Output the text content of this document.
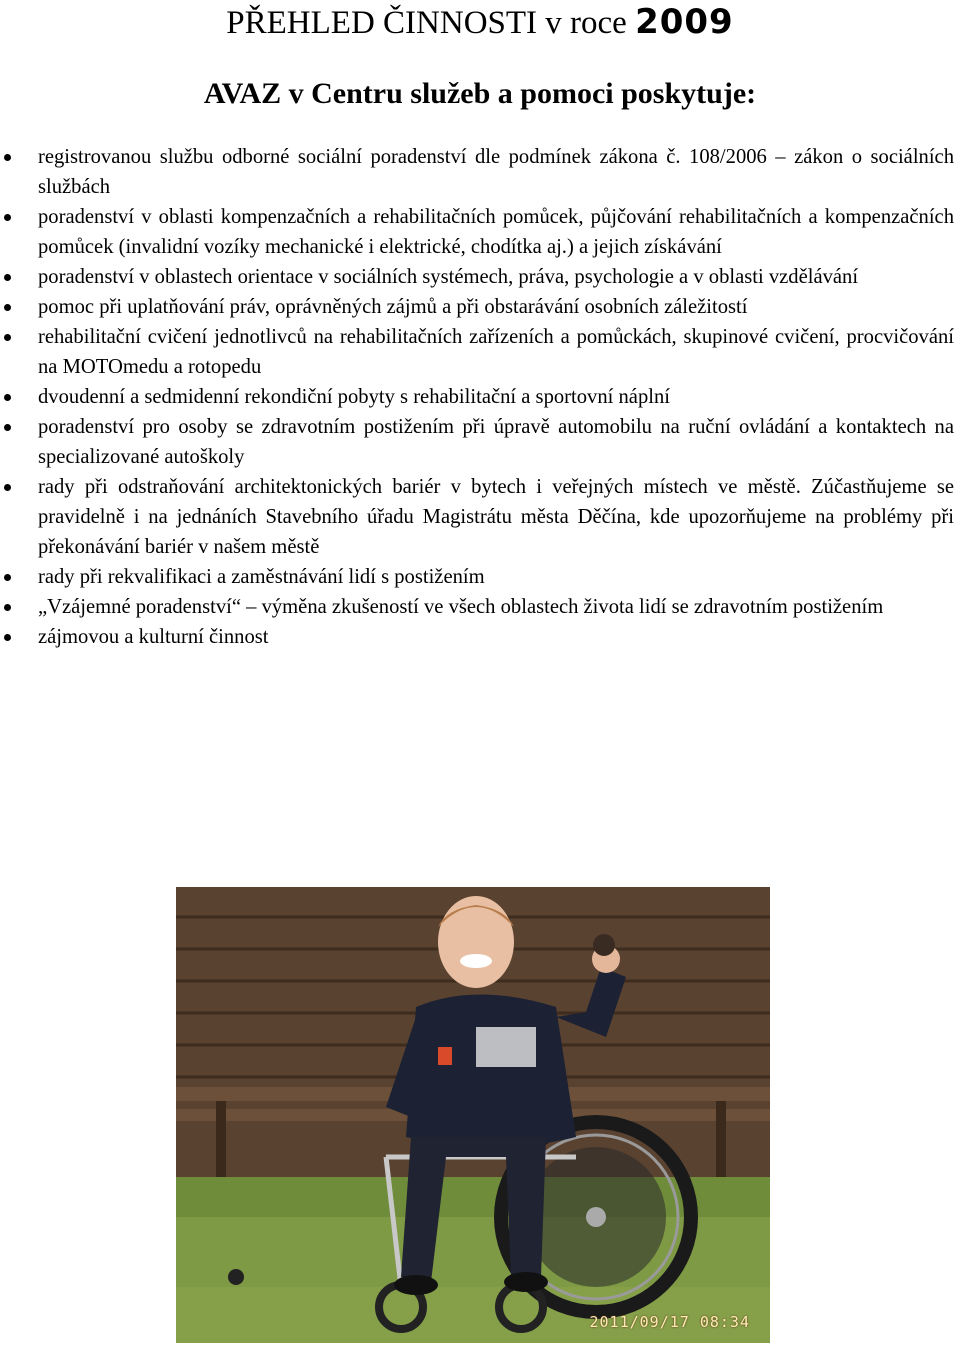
PŘEHLED ČINNOSTI v roce 2009
AVAZ v Centru služeb a pomoci poskytuje:
registrovanou službu odborné sociální poradenství dle podmínek zákona č. 108/2006 – zákon o sociálních službách
poradenství v oblasti kompenzačních a rehabilitačních pomůcek, půjčování rehabilitačních a kompenzačních pomůcek (invalidní vozíky mechanické i elektrické, chodítka aj.) a jejich získávání
poradenství v oblastech orientace v sociálních systémech, práva, psychologie a v oblasti vzdělávání
pomoc při uplatňování práv, oprávněných zájmů a při obstarávání osobních záležitostí
rehabilitační cvičení jednotlivců na rehabilitačních zařízeních a pomůckách, skupinové cvičení, procvičování na MOTOmedu a rotopedu
dvoudenní a sedmidenní rekondiční pobyty s rehabilitační a sportovní náplní
poradenství pro osoby se zdravotním postižením při úpravě automobilu na ruční ovládání a kontaktech na specializované autoškoly
rady při odstraňování architektonických bariér v bytech i veřejných místech ve městě. Zúčastňujeme se pravidelně i na jednáních Stavebního úřadu Magistrátu města Děčína, kde upozorňujeme na problémy při překonávání bariér v našem městě
rady při rekvalifikaci a zaměstnávání lidí s postižením
„Vzájemné poradenství“ – výměna zkušeností ve všech oblastech života lidí se zdravotním postižením
zájmovou a kulturní činnost
2011/09/17 08:34
